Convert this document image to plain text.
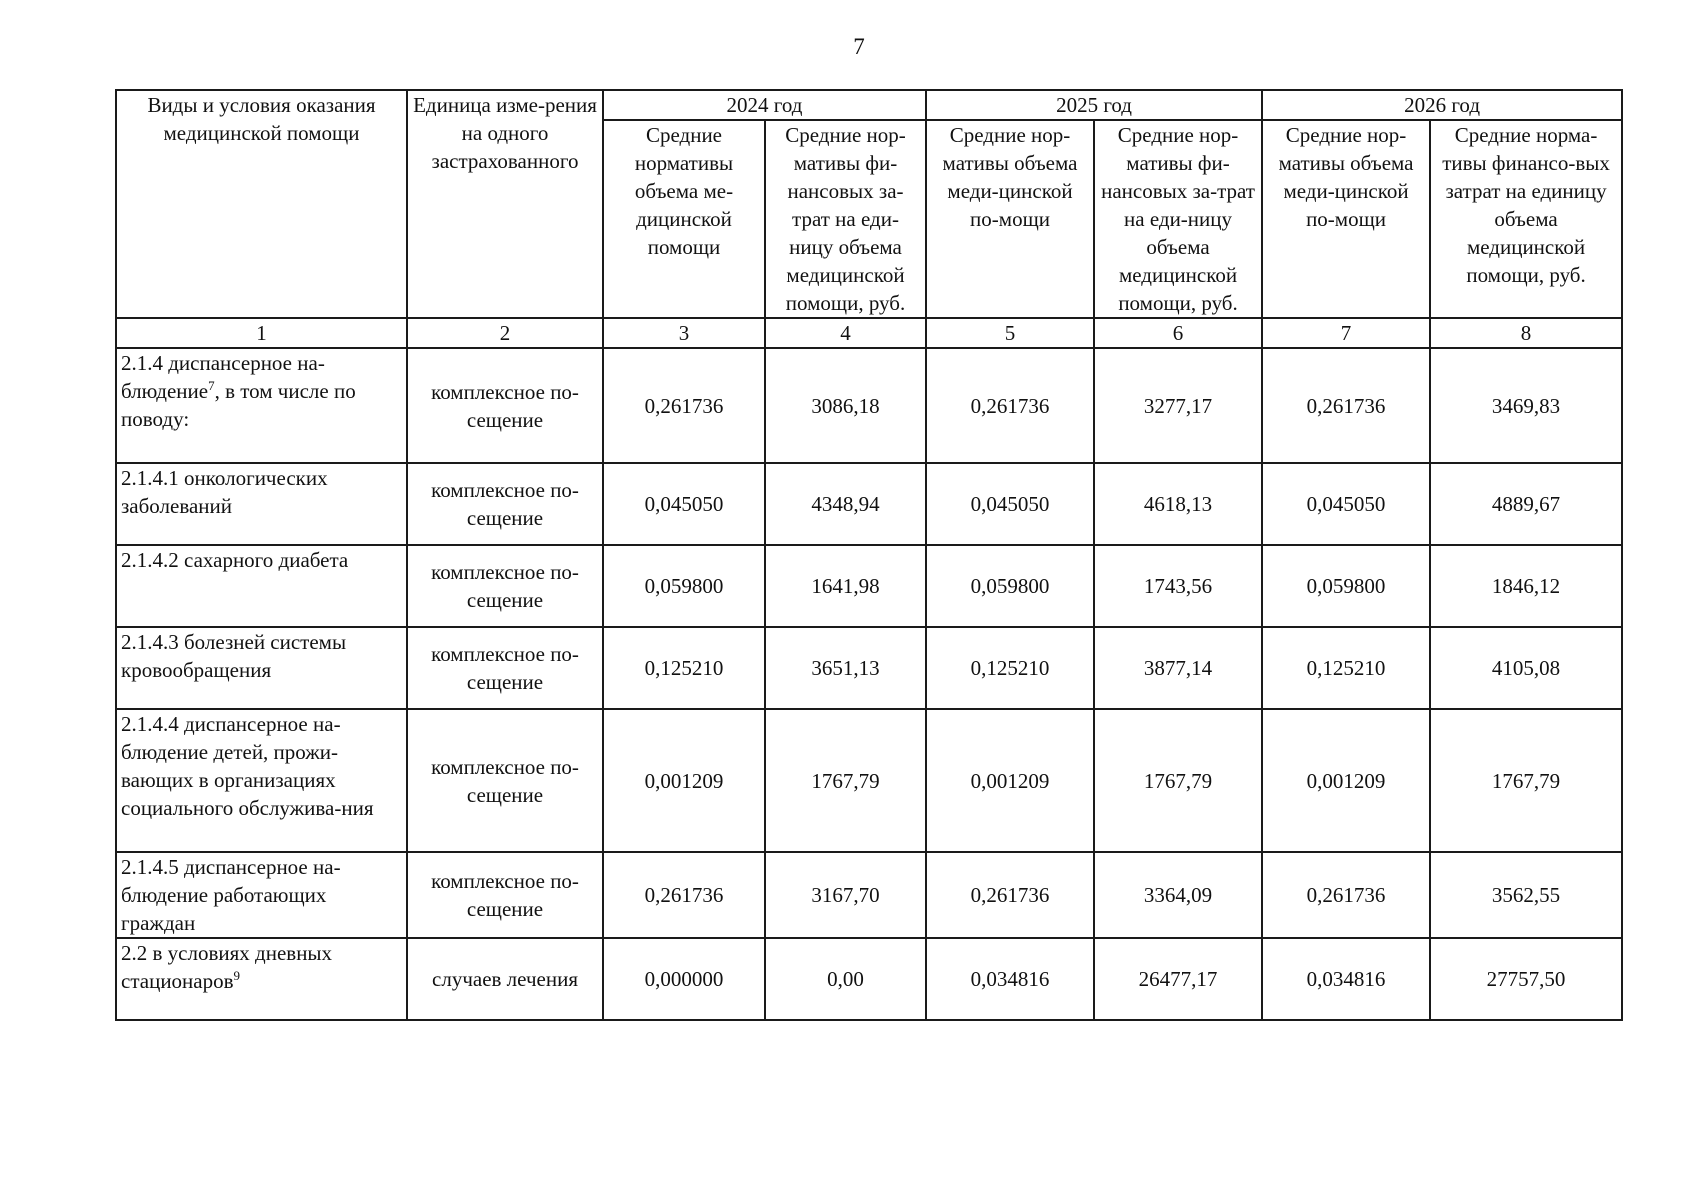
7
Виды и условия оказания медицинской помощи	Единица изме-рения на одного застрахованного	2024 год		2025 год		2026 год	
		Средние нормативы объема ме-дицинской помощи	Средние нор-мативы фи-нансовых за-трат на еди-ницу объема медицинской помощи, руб.	Средние нор-мативы объема меди-цинской по-мощи	Средние нор-мативы фи-нансовых за-трат на еди-ницу объема медицинской помощи, руб.	Средние нор-мативы объема меди-цинской по-мощи	Средние норма-тивы финансо-вых затрат на единицу объема медицинской помощи, руб.
1	2	3	4	5	6	7	8
2.1.4 диспансерное на-блюдение$^7$, в том числе по поводу:	комплексное по-сещение	0,261736	3086,18	0,261736	3277,17	0,261736	3469,83
2.1.4.1 онкологических заболеваний	комплексное по-сещение	0,045050	4348,94	0,045050	4618,13	0,045050	4889,67
2.1.4.2 сахарного диабета	комплексное по-сещение	0,059800	1641,98	0,059800	1743,56	0,059800	1846,12
2.1.4.3 болезней системы кровообращения	комплексное по-сещение	0,125210	3651,13	0,125210	3877,14	0,125210	4105,08
2.1.4.4 диспансерное на-блюдение детей, прожи-вающих в организациях социального обслужива-ния	комплексное по-сещение	0,001209	1767,79	0,001209	1767,79	0,001209	1767,79
2.1.4.5 диспансерное на-блюдение работающих граждан	комплексное по-сещение	0,261736	3167,70	0,261736	3364,09	0,261736	3562,55
2.2 в условиях дневных стационаров$^9$	случаев лечения	0,000000	0,00	0,034816	26477,17	0,034816	27757,50
